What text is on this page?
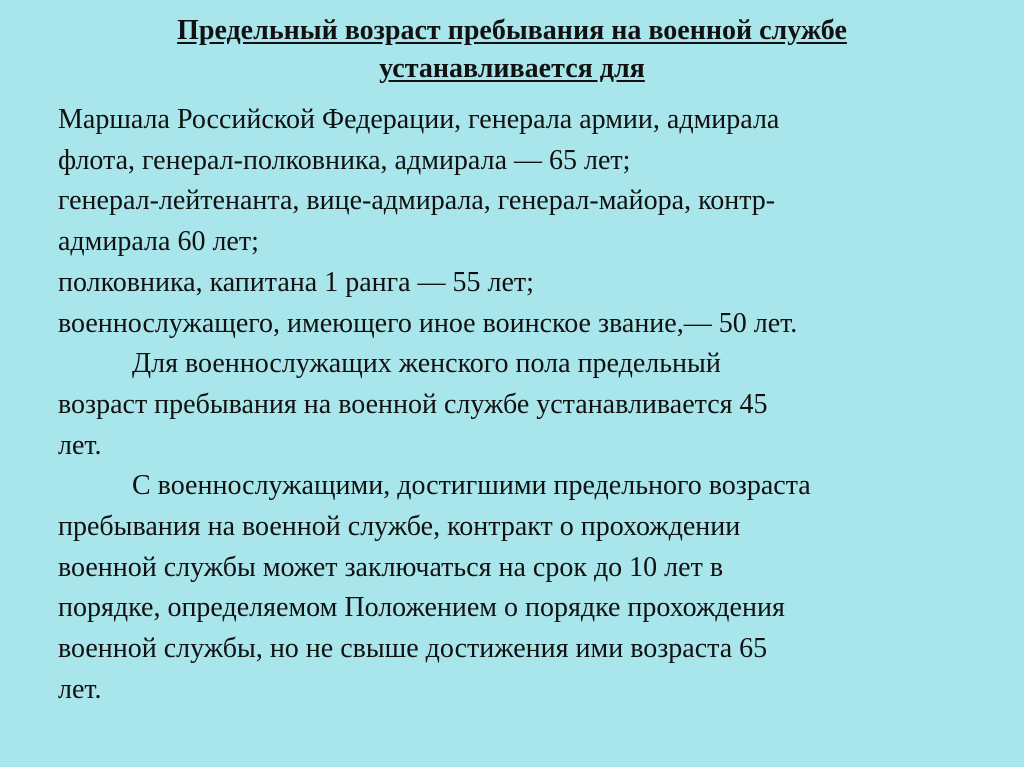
Предельный возраст пребывания на военной службе
устанавливается для
Маршала Российской Федерации, генерала армии, адмирала
флота, генерал-полковника, адмирала — 65 лет;
генерал-лейтенанта, вице-адмирала, генерал-майора, контр-
адмирала 60 лет;
полковника, капитана 1 ранга — 55 лет;
военнослужащего, имеющего иное воинское звание,— 50 лет.
Для военнослужащих женского пола предельный
возраст пребывания на военной службе устанавливается 45
лет.
С военнослужащими, достигшими предельного возраста
пребывания на военной службе, контракт о прохождении
военной службы может заключаться на срок до 10 лет в
порядке, определяемом Положением о порядке прохождения
военной службы, но не свыше достижения ими возраста 65
лет.
